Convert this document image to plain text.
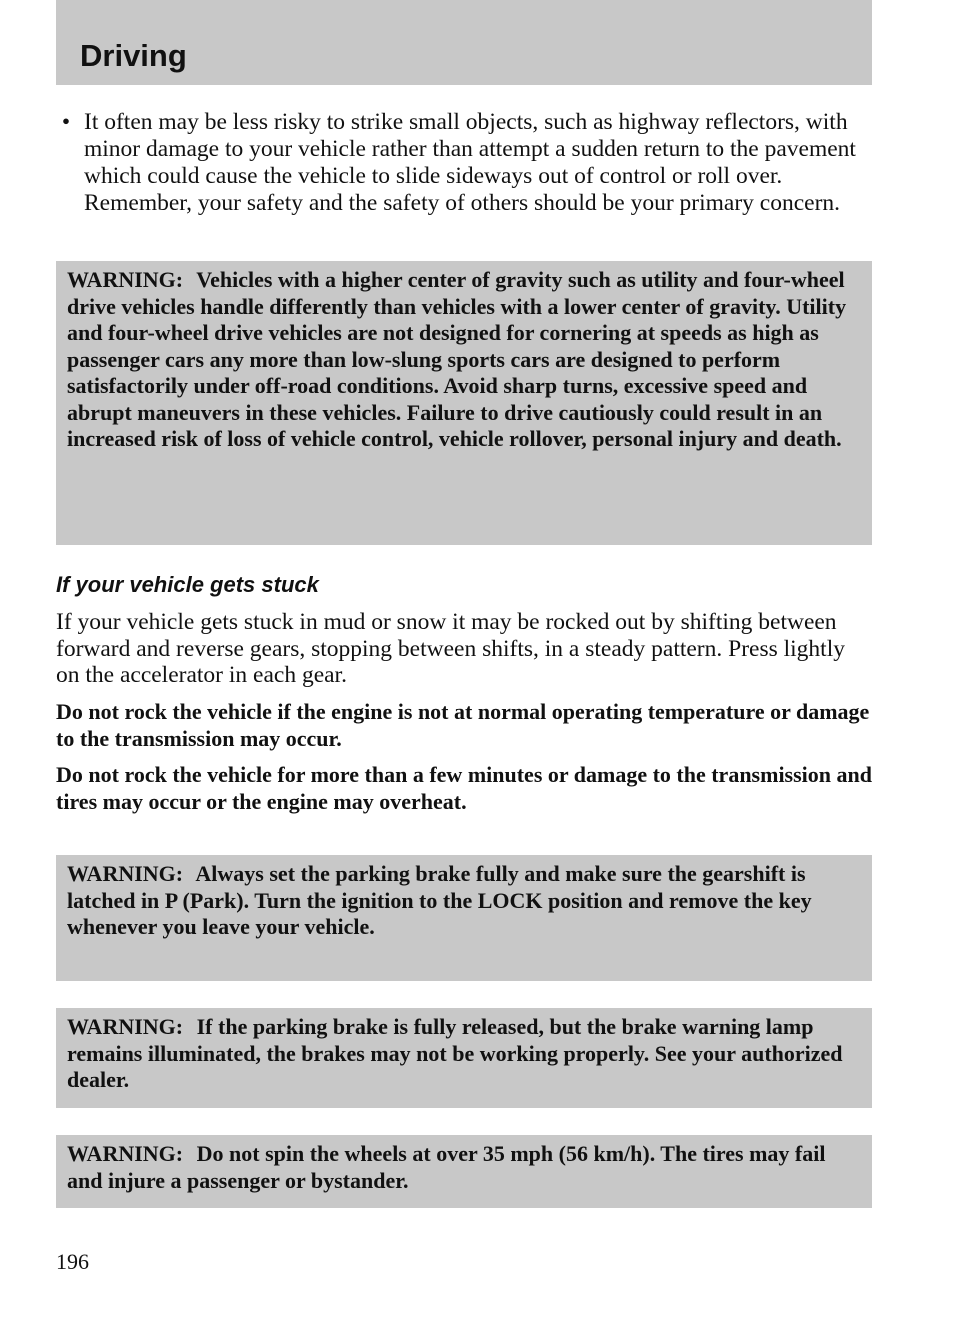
Driving
• It often may be less risky to strike small objects, such as highway reflectors, with minor damage to your vehicle rather than attempt a sudden return to the pavement which could cause the vehicle to slide sideways out of control or roll over. Remember, your safety and the safety of others should be your primary concern.
WARNING: Vehicles with a higher center of gravity such as utility and four-wheel drive vehicles handle differently than vehicles with a lower center of gravity. Utility and four-wheel drive vehicles are not designed for cornering at speeds as high as passenger cars any more than low-slung sports cars are designed to perform satisfactorily under off-road conditions. Avoid sharp turns, excessive speed and abrupt maneuvers in these vehicles. Failure to drive cautiously could result in an increased risk of loss of vehicle control, vehicle rollover, personal injury and death.
If your vehicle gets stuck

If your vehicle gets stuck in mud or snow it may be rocked out by shifting between forward and reverse gears, stopping between shifts, in a steady pattern. Press lightly on the accelerator in each gear.

Do not rock the vehicle if the engine is not at normal operating temperature or damage to the transmission may occur.

Do not rock the vehicle for more than a few minutes or damage to the transmission and tires may occur or the engine may overheat.

WARNING: Always set the parking brake fully and make sure the gearshift is latched in P (Park). Turn the ignition to the LOCK position and remove the key whenever you leave your vehicle.
WARNING: If the parking brake is fully released, but the brake warning lamp remains illuminated, the brakes may not be working properly. See your authorized dealer.
WARNING: Do not spin the wheels at over 35 mph (56 km/h). The tires may fail and injure a passenger or bystander.
196
